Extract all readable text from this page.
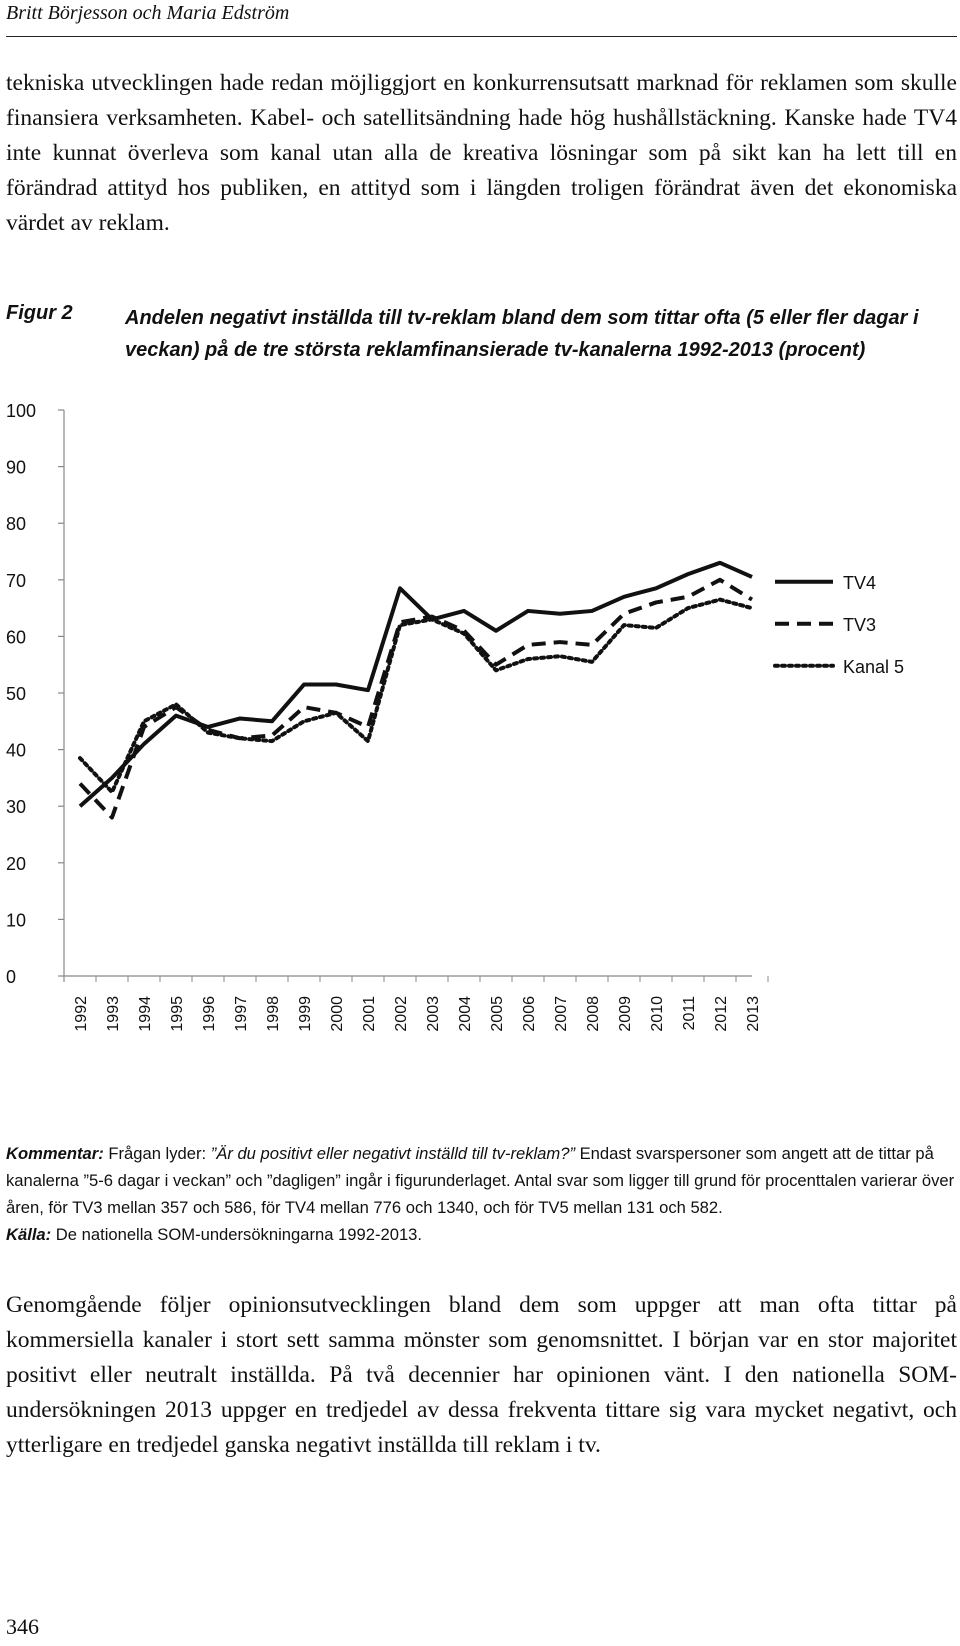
Britt Börjesson och Maria Edström
tekniska utvecklingen hade redan möjliggjort en konkurrensutsatt marknad för reklamen som skulle finansiera verksamheten. Kabel- och satellitsändning hade hög hushållstäckning. Kanske hade TV4 inte kunnat överleva som kanal utan alla de kreativa lösningar som på sikt kan ha lett till en förändrad attityd hos publiken, en attityd som i längden troligen förändrat även det ekonomiska värdet av reklam.
Figur 2	Andelen negativt inställda till tv-reklam bland dem som tittar ofta (5 eller fler dagar i veckan) på de tre största reklamfinansierade tv-kanalerna 1992-2013 (procent)
0
10
20
30
40
50
60
70
80
90
100
1992 1993 1994 1995 1996 1997 1998 1999 2000 2001 2002 2003 2004 2005 2006 2007 2008 2009 2010 2011 2012 2013
TV4
TV3
Kanal 5
Kommentar: Frågan lyder: ”Är du positivt eller negativt inställd till tv-reklam?” Endast svarspersoner som angett att de tittar på kanalerna ”5-6 dagar i veckan” och ”dagligen” ingår i figurunderlaget. Antal svar som ligger till grund för procenttalen varierar över åren, för TV3 mellan 357 och 586, för TV4 mellan 776 och 1340, och för TV5 mellan 131 och 582.
Källa: De nationella SOM-undersökningarna 1992-2013.
Genomgående följer opinionsutvecklingen bland dem som uppger att man ofta tittar på kommersiella kanaler i stort sett samma mönster som genomsnittet. I början var en stor majoritet positivt eller neutralt inställda. På två decennier har opinionen vänt. I den nationella SOM-undersökningen 2013 uppger en tredjedel av dessa frekventa tittare sig vara mycket negativt, och ytterligare en tredjedel ganska negativt inställda till reklam i tv.
346
